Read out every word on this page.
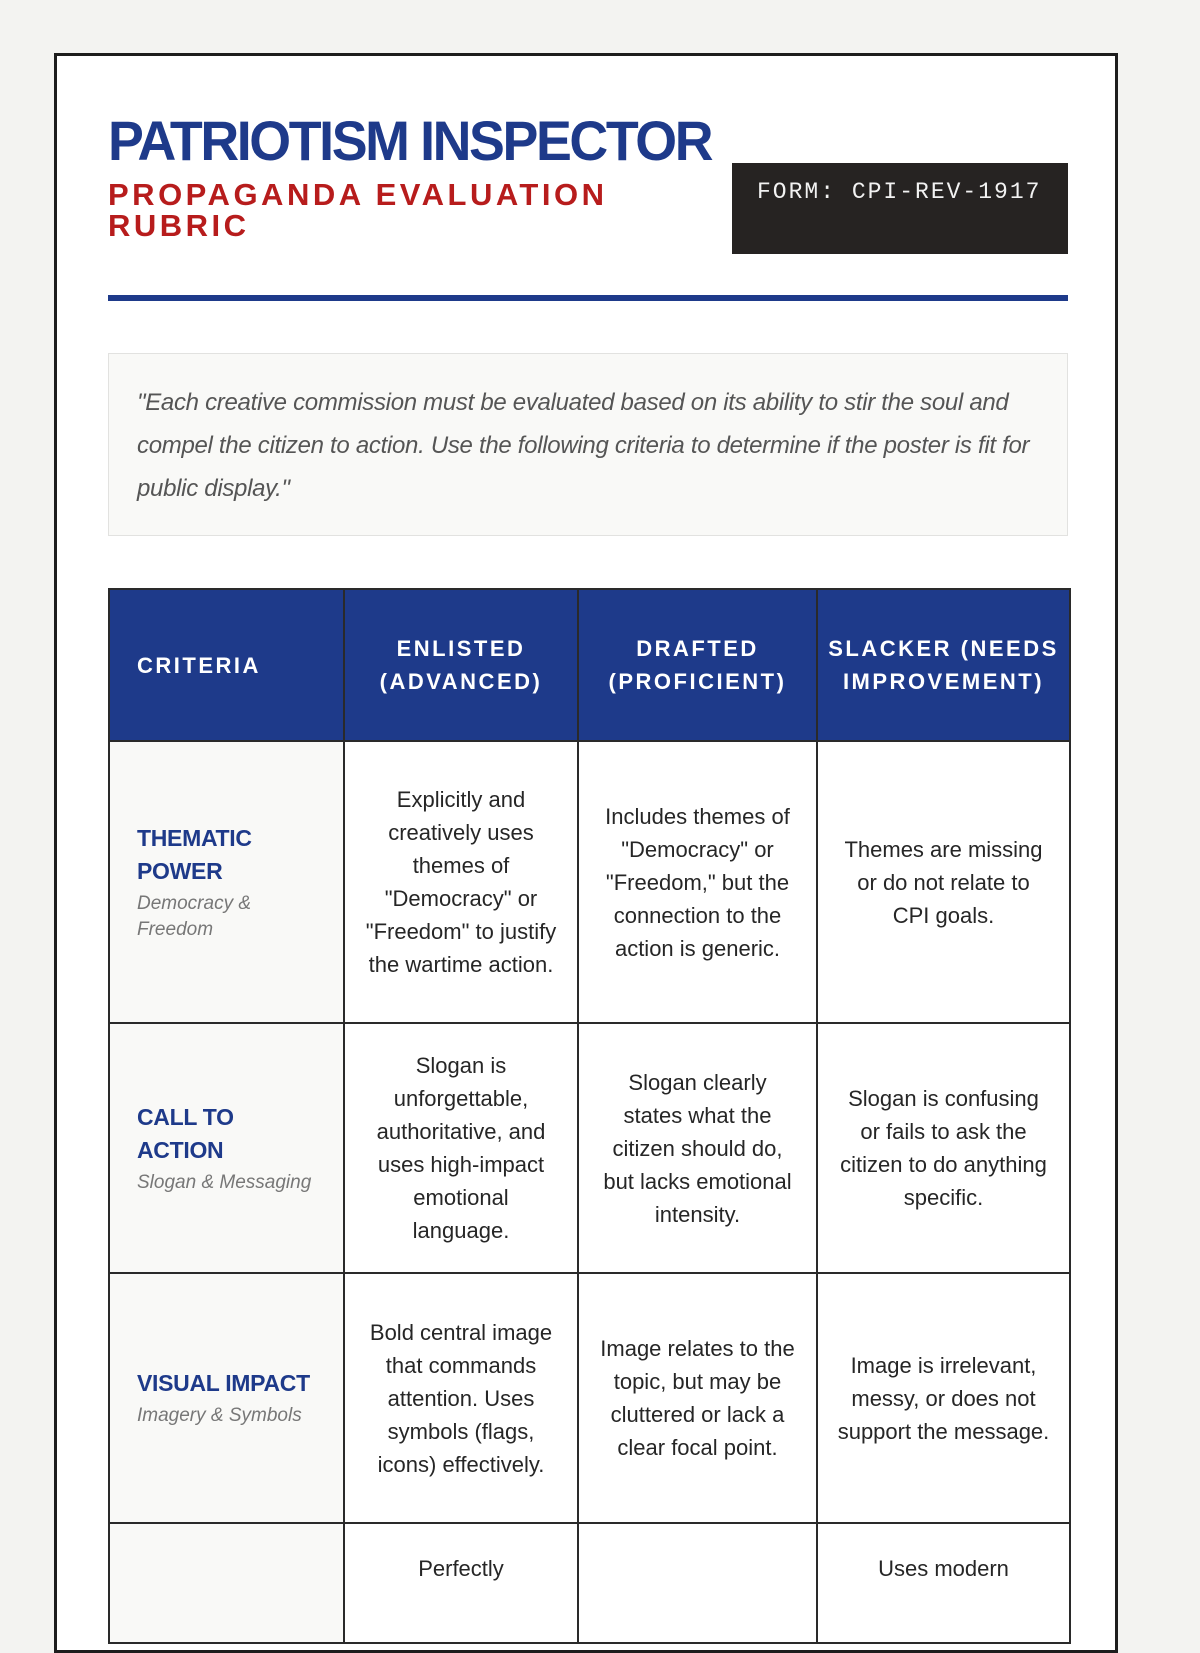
PATRIOTISM INSPECTOR
PROPAGANDA EVALUATION RUBRIC
FORM: CPI-REV-1917
"Each creative commission must be evaluated based on its ability to stir the soul and compel the citizen to action. Use the following criteria to determine if the poster is fit for public display."
CRITERIA	ENLISTED (ADVANCED)	DRAFTED (PROFICIENT)	SLACKER (NEEDS IMPROVEMENT)

THEMATIC POWER
Democracy & Freedom	Explicitly and creatively uses themes of "Democracy" or "Freedom" to justify the wartime action.	Includes themes of "Democracy" or "Freedom," but the connection to the action is generic.	Themes are missing or do not relate to CPI goals.

CALL TO ACTION
Slogan & Messaging	Slogan is unforgettable, authoritative, and uses high-impact emotional language.	Slogan clearly states what the citizen should do, but lacks emotional intensity.	Slogan is confusing or fails to ask the citizen to do anything specific.

VISUAL IMPACT
Imagery & Symbols	Bold central image that commands attention. Uses symbols (flags, icons) effectively.	Image relates to the topic, but may be cluttered or lack a clear focal point.	Image is irrelevant, messy, or does not support the message.

	Perfectly		Uses modern
